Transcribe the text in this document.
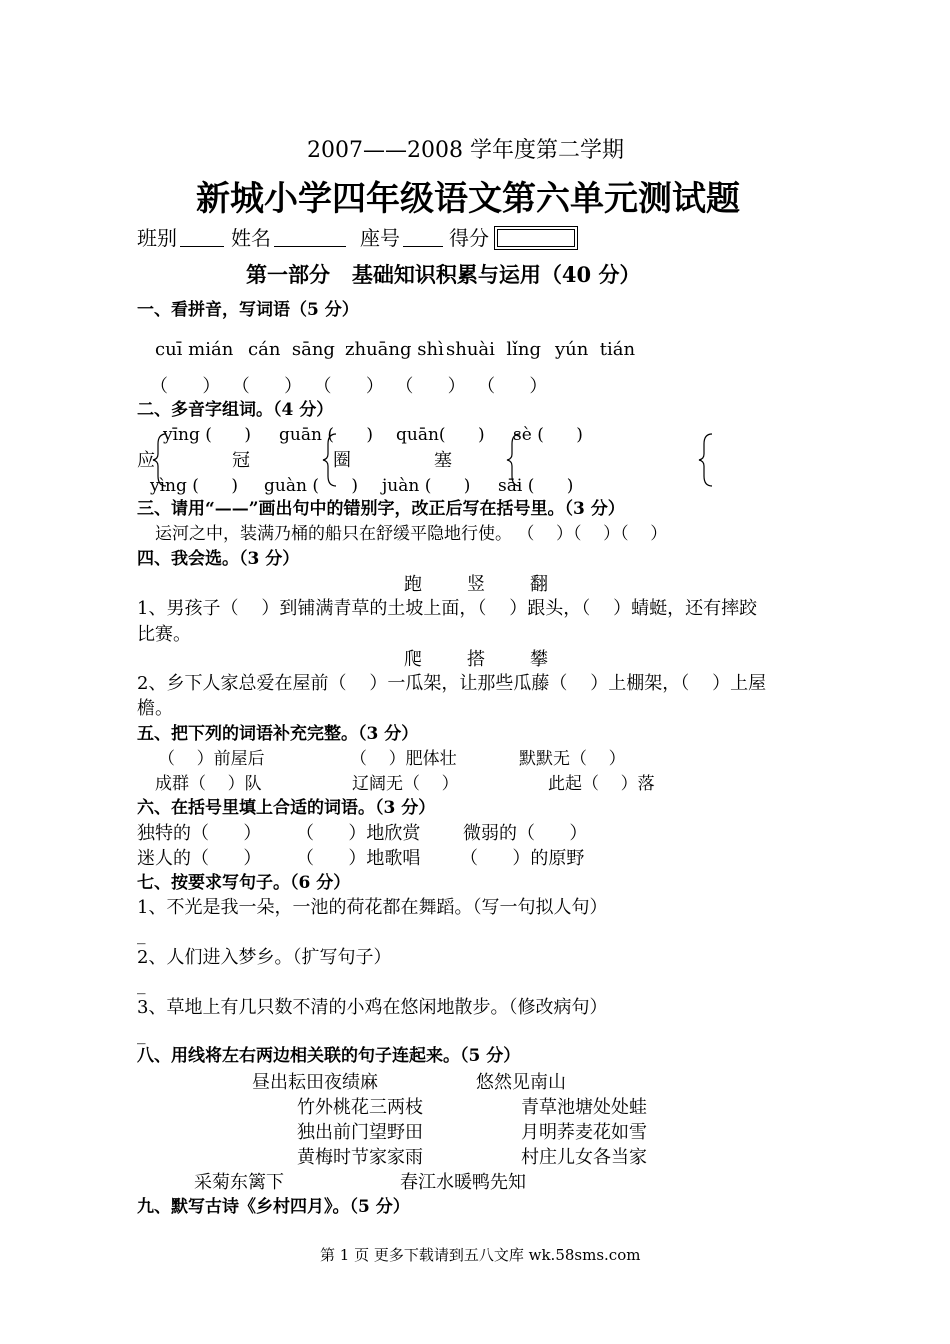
2007——2008 学年度第二学期
新城小学四年级语文第六单元测试题
班别	姓名	座号 得分
第一部分   基础知识积累与运用（40 分）
一、看拼音，写词语（5 分）
cuī mián cán  sāng zhuāng shì shuài  lǐng yún  tián
（      ）  （      ）  （      ）  （      ）  （      ）
二、多音字组词。（4 分）
yīng (      ) guān (      ) quān(      ) sè (      )
应	冠	圈	塞
yìng (      ) guàn (      ) juàn (      ) sāi (      )
三、请用“——”画出句中的错别字，改正后写在括号里。（3 分）
运河之中，装满乃桶的船只在舒缓平隐地行使。 （    ）（    ）（    ）
四、我会选。（3 分）
跑	竖	翻
1、男孩子（    ）到铺满青草的土坡上面，（    ）跟头，（    ）蜻蜓，还有摔跤
比赛。
爬	搭	攀
2、乡下人家总爱在屋前（    ）一瓜架，让那些瓜藤（    ）上棚架，（    ）上屋
檐。
五、把下列的词语补充完整。（3 分）
（    ）前屋后	（    ）肥体壮	默默无（    ）
成群（    ）队	辽阔无（    ）	此起（    ）落
六、在括号里填上合适的词语。（3 分）
独特的（      ） （      ）地欣赏 微弱的（      ）
迷人的（      ） （      ）地歌唱 （      ）的原野
七、按要求写句子。（6 分）
1、不光是我一朵，一池的荷花都在舞蹈。（写一句拟人句）
_
2、人们进入梦乡。（扩写句子）
_
3、草地上有几只数不清的小鸡在悠闲地散步。（修改病句）
_
八、用线将左右两边相关联的句子连起来。（5 分）
昼出耘田夜绩麻	悠然见南山
竹外桃花三两枝	青草池塘处处蛙
独出前门望野田	月明荞麦花如雪
黄梅时节家家雨	村庄儿女各当家
采菊东篱下	春江水暖鸭先知
九、默写古诗《乡村四月》。（5 分）
第 1 页 更多下载请到五八文库 wk.58sms.com
